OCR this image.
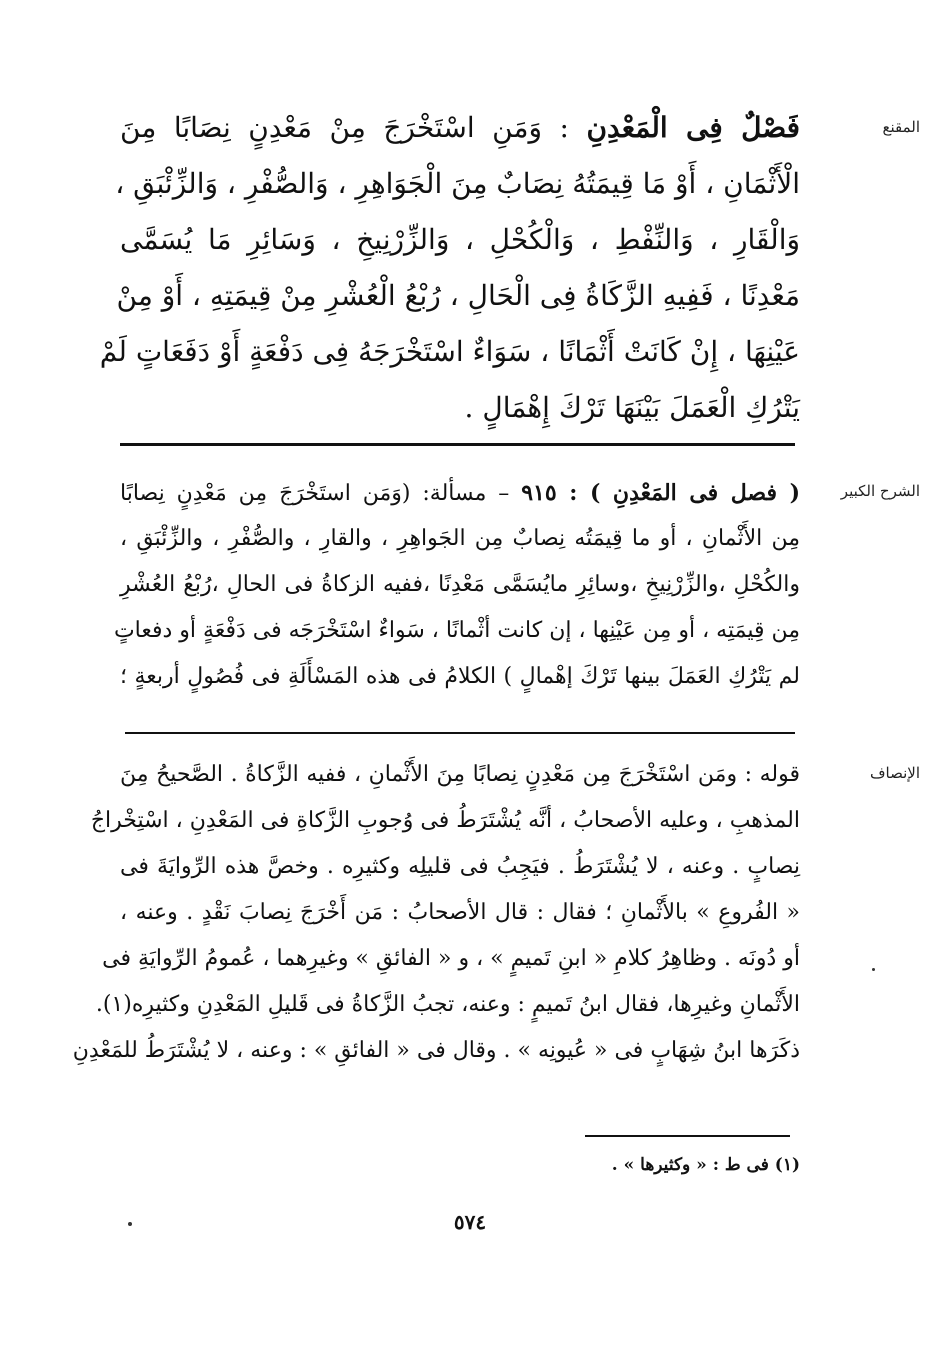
المقنع
الشرح الكبير
الإنصاف
فَصْلٌ فِى الْمَعْدِنِ : وَمَنِ اسْتَخْرَجَ مِنْ مَعْدِنٍ نِصَابًا مِنَ
الْأَثْمَانِ ، أَوْ مَا قِيمَتُهُ نِصَابٌ مِنَ الْجَوَاهِرِ ، وَالصُّفْرِ ، وَالزِّئْبَقِ ،
وَالْقَارِ ، وَالنِّفْطِ ، وَالْكُحْلِ ، وَالزِّرْنِيخِ ، وَسَائِرِ مَا يُسَمَّى
مَعْدِنًا ، فَفِيهِ الزَّكَاةُ فِى الْحَالِ ، رُبْعُ الْعُشْرِ مِنْ قِيمَتِهِ ، أَوْ مِنْ
عَيْنِهَا ، إِنْ كَانَتْ أَثْمَانًا ، سَوَاءٌ اسْتَخْرَجَهُ فِى دَفْعَةٍ أَوْ دَفَعَاتٍ لَمْ
يَتْرُكِ الْعَمَلَ بَيْنَهَا تَرْكَ إِهْمَالٍ .
( فصل فى المَعْدِنِ ) : ٩١٥ – مسألة: (وَمَن استَخْرَجَ مِن مَعْدِنٍ نِصابًا
مِن الأَثْمانِ ، أو ما قِيمَتُه نِصابٌ مِن الجَواهِرِ ، والقارِ ، والصُّفْرِ ، والزِّئْبَقِ ،
والكُحْلِ ،والزِّرْنِيخِ ،وسائِرِ مايُسَمَّى مَعْدِنًا ،ففيه الزكاةُ فى الحالِ ،رُبْعُ العُشْرِ
مِن قِيمَتِه ، أو مِن عَيْنِها ، إن كانت أثْمانًا ، سَواءٌ اسْتَخْرَجَه فى دَفْعَةٍ أو دفعاتٍ
لم يَتْرُكِ العَمَلَ بينها تَرْكَ إهْمالٍ ) الكلامُ فى هذه المَسْأَلَةِ فى فُصُولٍ أربعةٍ ؛
قوله : ومَن اسْتَخْرَجَ مِن مَعْدِنٍ نِصابًا مِنَ الأَثْمانِ ، ففيه الزَّكاةُ . الصَّحيحُ مِنَ
المذهبِ ، وعليه الأصحابُ ، أنَّه يُشْتَرَطُ فى وُجوبِ الزَّكاةِ فى المَعْدِنِ ، اسْتِخْراجُ
نِصابٍ . وعنه ، لا يُشْتَرَطُ . فيَجِبُ فى قليلِه وكثيرِه . وخصَّ هذه الرِّوايَةَ فى
« الفُروعِ » بالأَثْمانِ ؛ فقال : قال الأصحابُ : مَن أَخْرَجَ نِصابَ نَقْدٍ . وعنه ،
أو دُونَه . وظاهِرُ كلامِ « ابنِ تَميمٍ » ، و « الفائقِ » وغيرِهما ، عُمومُ الرِّوايَةِ فى
الأَثْمانِ وغيرِها، فقال ابنُ تَميمٍ : وعنه، تجبُ الزَّكاةُ فى قَليلِ المَعْدِنِ وكثيرِه(١).
ذكَرَها ابنُ شِهَابٍ فى « عُيونِه » . وقال فى « الفائقِ » : وعنه ، لا يُشْتَرَطُ للمَعْدِنِ
(١) فى ط : « وكثيرها » .
٥٧٤
